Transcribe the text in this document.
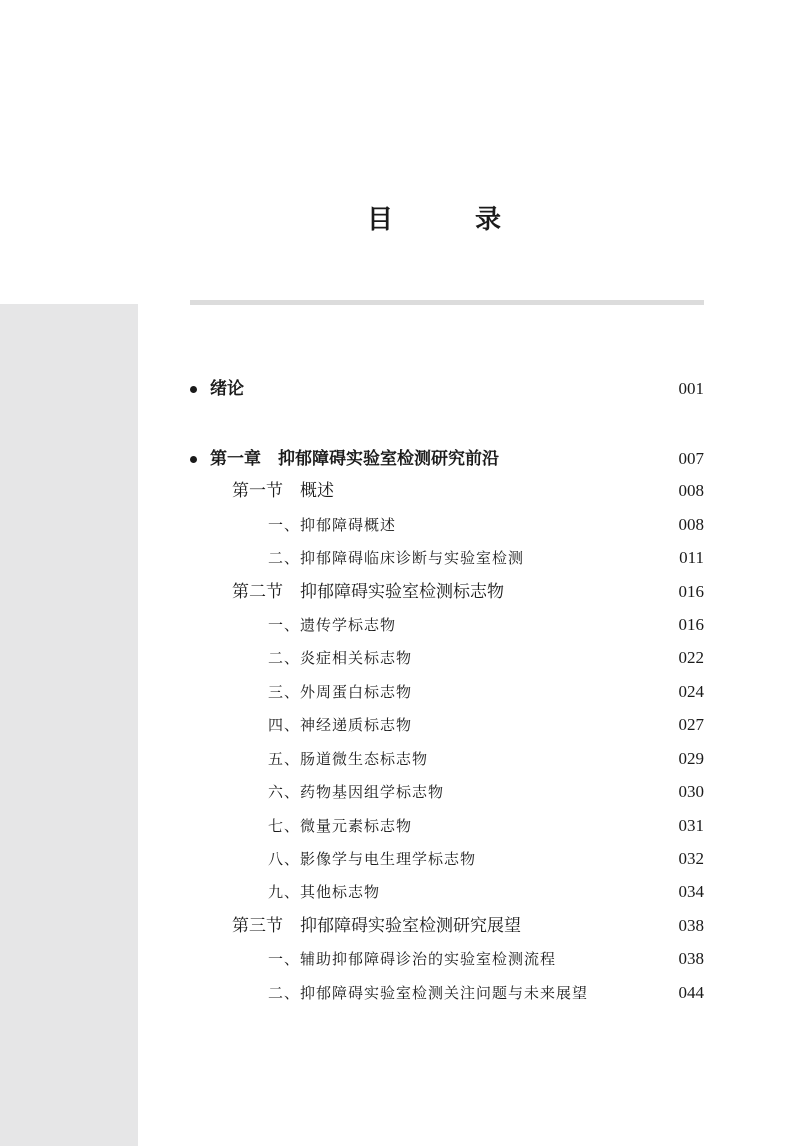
目　录
绪论	001
第一章　抑郁障碍实验室检测研究前沿	007
第一节　概述	008
一、抑郁障碍概述	008
二、抑郁障碍临床诊断与实验室检测	011
第二节　抑郁障碍实验室检测标志物	016
一、遗传学标志物	016
二、炎症相关标志物	022
三、外周蛋白标志物	024
四、神经递质标志物	027
五、肠道微生态标志物	029
六、药物基因组学标志物	030
七、微量元素标志物	031
八、影像学与电生理学标志物	032
九、其他标志物	034
第三节　抑郁障碍实验室检测研究展望	038
一、辅助抑郁障碍诊治的实验室检测流程	038
二、抑郁障碍实验室检测关注问题与未来展望	044
